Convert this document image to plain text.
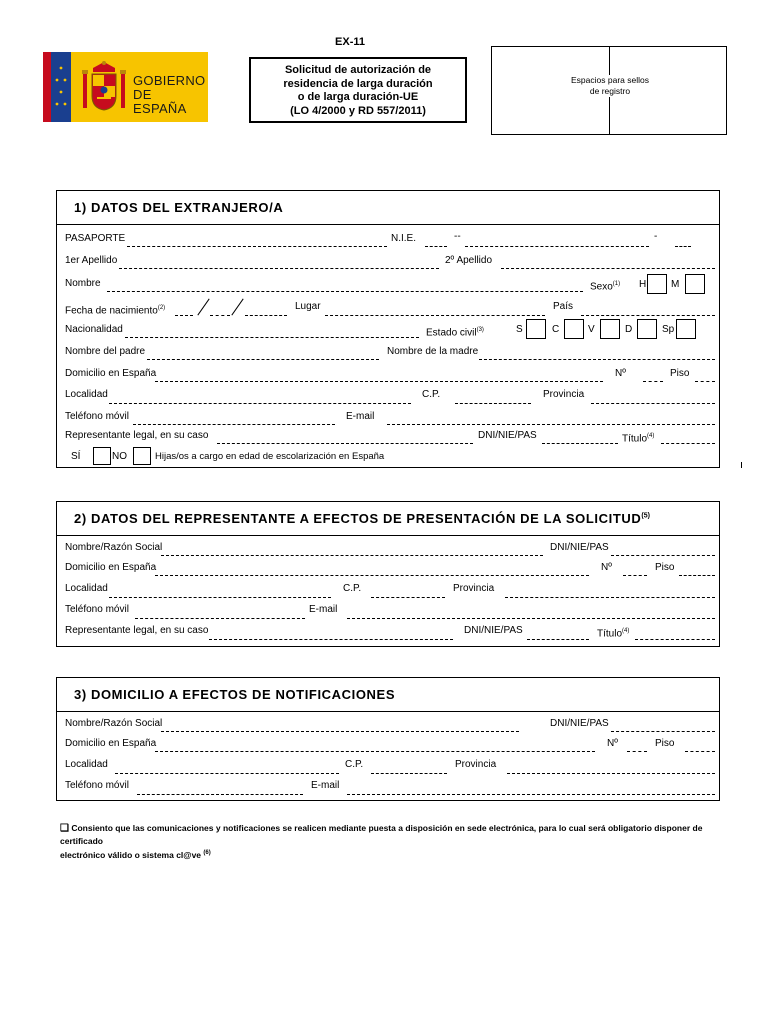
GOBIERNO
DE ESPAÑA
EX-11
Solicitud de autorización de
residencia de larga duración
o de larga duración-UE
(LO 4/2000 y RD 557/2011)
Espacios para sellos
de registro
1) DATOS DEL EXTRANJERO/A
PASAPORTE	N.I.E.	--	-
1er Apellido	2º Apellido
Nombre	Sexo$^{(1)}$ H M
Fecha de nacimiento$^{(2)}$	Lugar	País
Nacionalidad	Estado civil$^{(3)}$	S	C	V	D	Sp
Nombre del padre	Nombre de la madre
Domicilio en España	Nº	Piso
Localidad	C.P.	Provincia
Teléfono móvil	E-mail
Representante legal, en su caso	DNI/NIE/PAS	Título$^{(4)}$
SÍ	NO	Hijas/os a cargo en edad de escolarización en España
2) DATOS DEL REPRESENTANTE A EFECTOS DE PRESENTACIÓN DE LA SOLICITUD$^{(5)}$
Nombre/Razón Social	DNI/NIE/PAS
Domicilio en España	Nº	Piso
Localidad	C.P.	Provincia
Teléfono móvil	E-mail
Representante legal, en su caso	DNI/NIE/PAS	Título$^{(4)}$
3) DOMICILIO A EFECTOS DE NOTIFICACIONES
Nombre/Razón Social	DNI/NIE/PAS
Domicilio en España	Nº	Piso
Localidad	C.P.	Provincia
Teléfono móvil	E-mail
❑ Consiento que las comunicaciones y notificaciones se realicen mediante puesta a disposición en sede electrónica, para lo cual será obligatorio disponer de certificado
electrónico válido o sistema cl@ve $^{(6)}$
